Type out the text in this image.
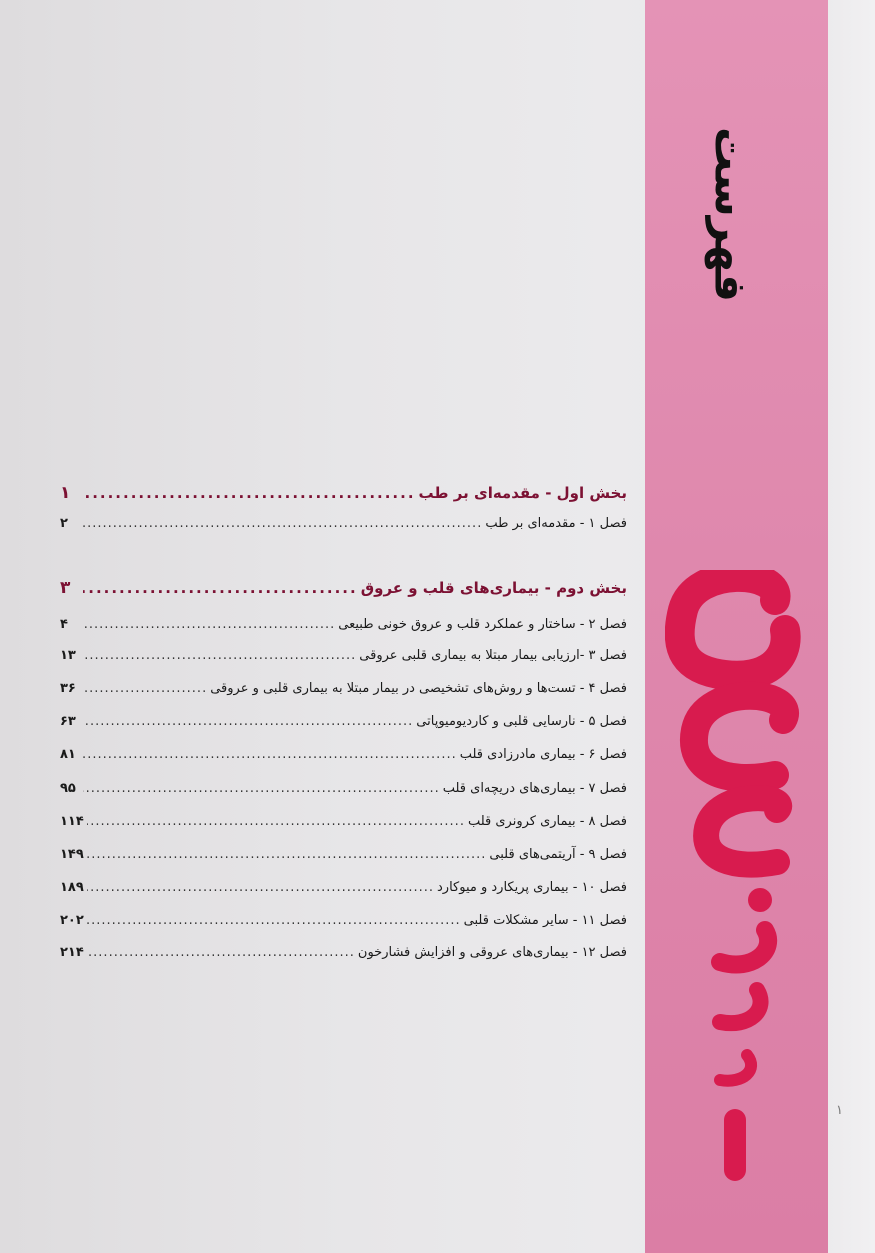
فهرست
۱
بخش اول - مقدمه‌ای بر طب
.....
۱
فصل ۱ - مقدمه‌ای بر طب
.....
۲
بخش دوم - بیماری‌های قلب و عروق
.....
۳
فصل ۲ - ساختار و عملکرد قلب و عروق خونی طبیعی
.....
۴
فصل ۳ -ارزیابی بیمار مبتلا به بیماری قلبی عروقی
.....
۱۳
فصل ۴ - تست‌ها و روش‌های تشخیصی در بیمار مبتلا به بیماری قلبی و عروقی
.....
۳۶
فصل ۵ - نارسایی قلبی و کاردیومیوپاتی
.....
۶۳
فصل ۶ - بیماری مادرزادی قلب
.....
۸۱
فصل ۷ - بیماری‌های دریچه‌ای قلب
.....
۹۵
فصل ۸ - بیماری کرونری قلب
.....
۱۱۴
فصل ۹ - آریتمی‌های قلبی
.....
۱۴۹
فصل ۱۰ - بیماری پریکارد و میوکارد
.....
۱۸۹
فصل ۱۱ - سایر مشکلات قلبی
.....
۲۰۲
فصل ۱۲ - بیماری‌های عروقی و افزایش فشارخون
.....
۲۱۴
